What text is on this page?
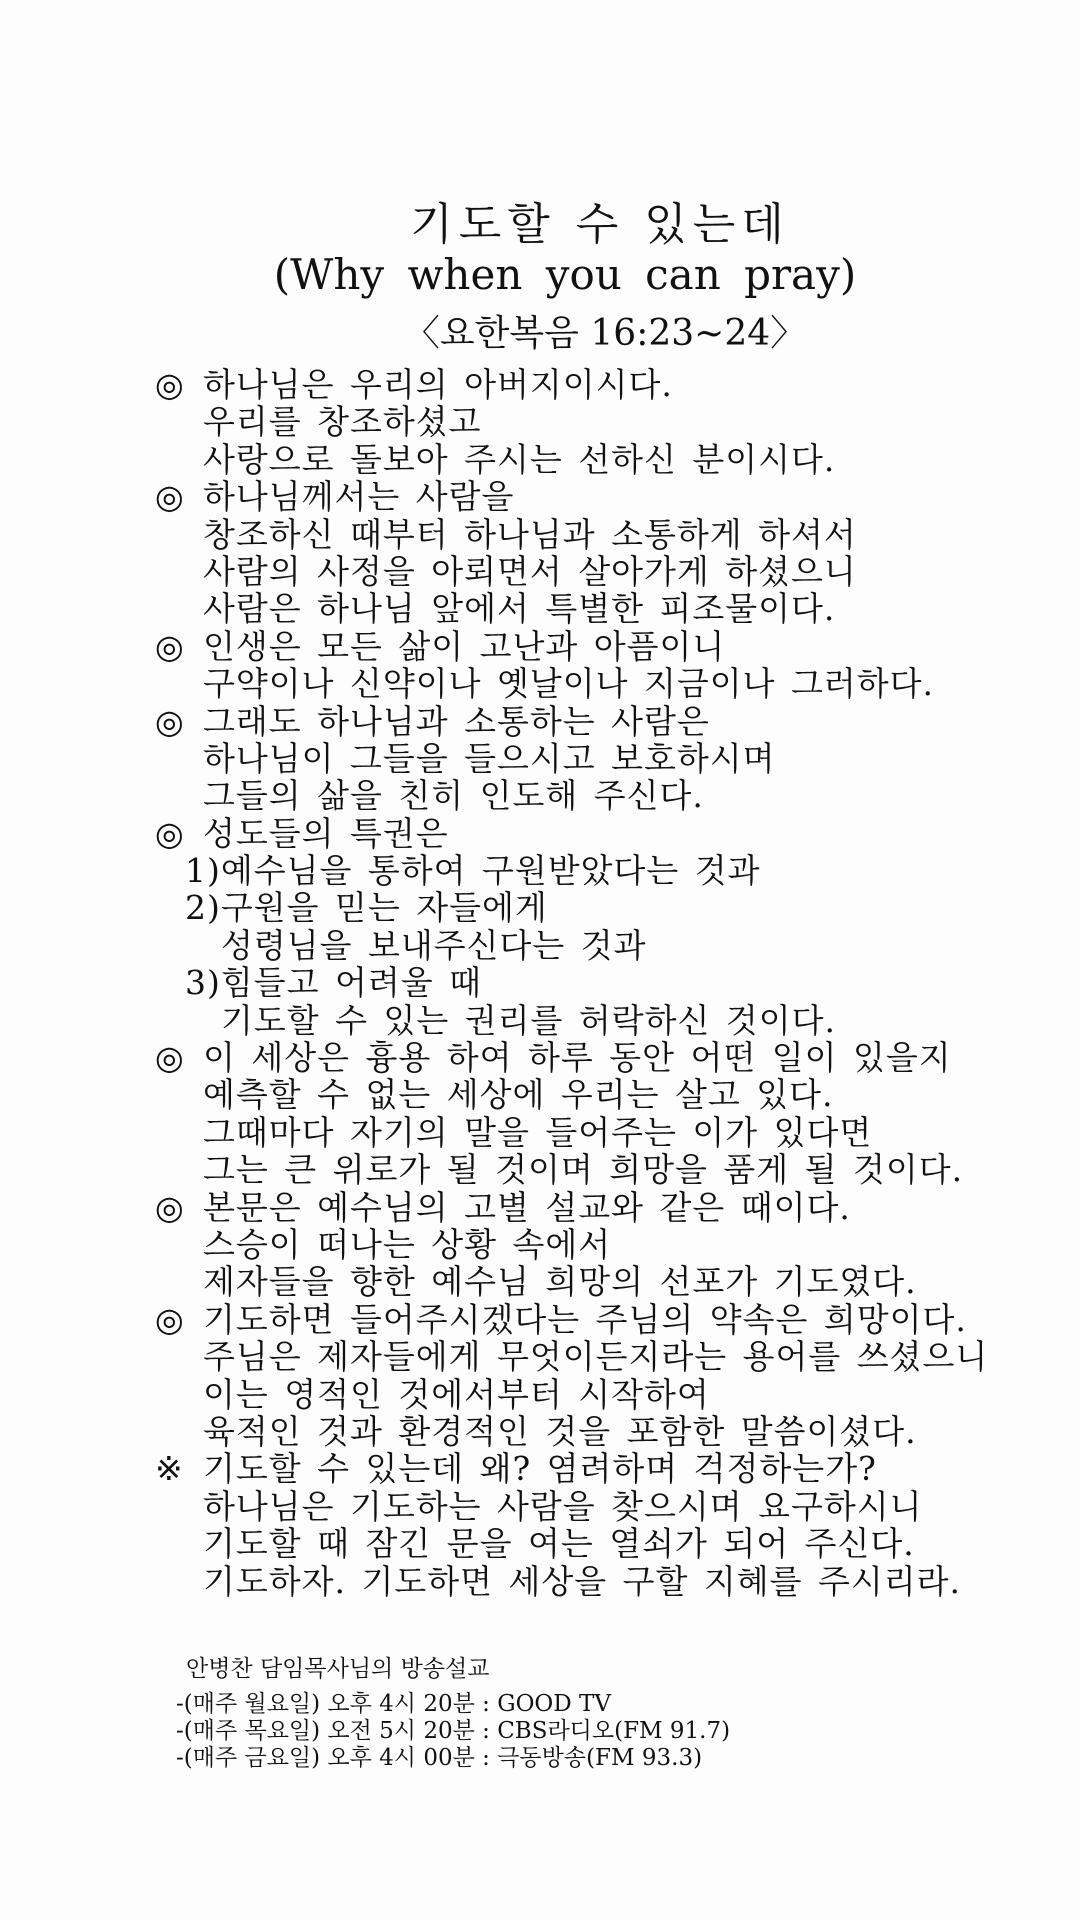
기도할 수 있는데
(Why when you can pray)
〈요한복음 16:23~24〉
◎ 하나님은 우리의 아버지이시다.
우리를 창조하셨고
사랑으로 돌보아 주시는 선하신 분이시다.
◎ 하나님께서는 사람을
창조하신 때부터 하나님과 소통하게 하셔서
사람의 사정을 아뢰면서 살아가게 하셨으니
사람은 하나님 앞에서 특별한 피조물이다.
◎ 인생은 모든 삶이 고난과 아픔이니
구약이나 신약이나 옛날이나 지금이나 그러하다.
◎ 그래도 하나님과 소통하는 사람은
하나님이 그들을 들으시고 보호하시며
그들의 삶을 친히 인도해 주신다.
◎ 성도들의 특권은
1)예수님을 통하여 구원받았다는 것과
2)구원을 믿는 자들에게
성령님을 보내주신다는 것과
3)힘들고 어려울 때
기도할 수 있는 권리를 허락하신 것이다.
◎ 이 세상은 흉용 하여 하루 동안 어떤 일이 있을지
예측할 수 없는 세상에 우리는 살고 있다.
그때마다 자기의 말을 들어주는 이가 있다면
그는 큰 위로가 될 것이며 희망을 품게 될 것이다.
◎ 본문은 예수님의 고별 설교와 같은 때이다.
스승이 떠나는 상황 속에서
제자들을 향한 예수님 희망의 선포가 기도였다.
◎ 기도하면 들어주시겠다는 주님의 약속은 희망이다.
주님은 제자들에게 무엇이든지라는 용어를 쓰셨으니
이는 영적인 것에서부터 시작하여
육적인 것과 환경적인 것을 포함한 말씀이셨다.
※ 기도할 수 있는데 왜? 염려하며 걱정하는가?
하나님은 기도하는 사람을 찾으시며 요구하시니
기도할 때 잠긴 문을 여는 열쇠가 되어 주신다.
기도하자. 기도하면 세상을 구할 지혜를 주시리라.
안병찬 담임목사님의 방송설교
-(매주 월요일) 오후 4시 20분 : GOOD TV
-(매주 목요일) 오전 5시 20분 : CBS라디오(FM 91.7)
-(매주 금요일) 오후 4시 00분 : 극동방송(FM 93.3)
